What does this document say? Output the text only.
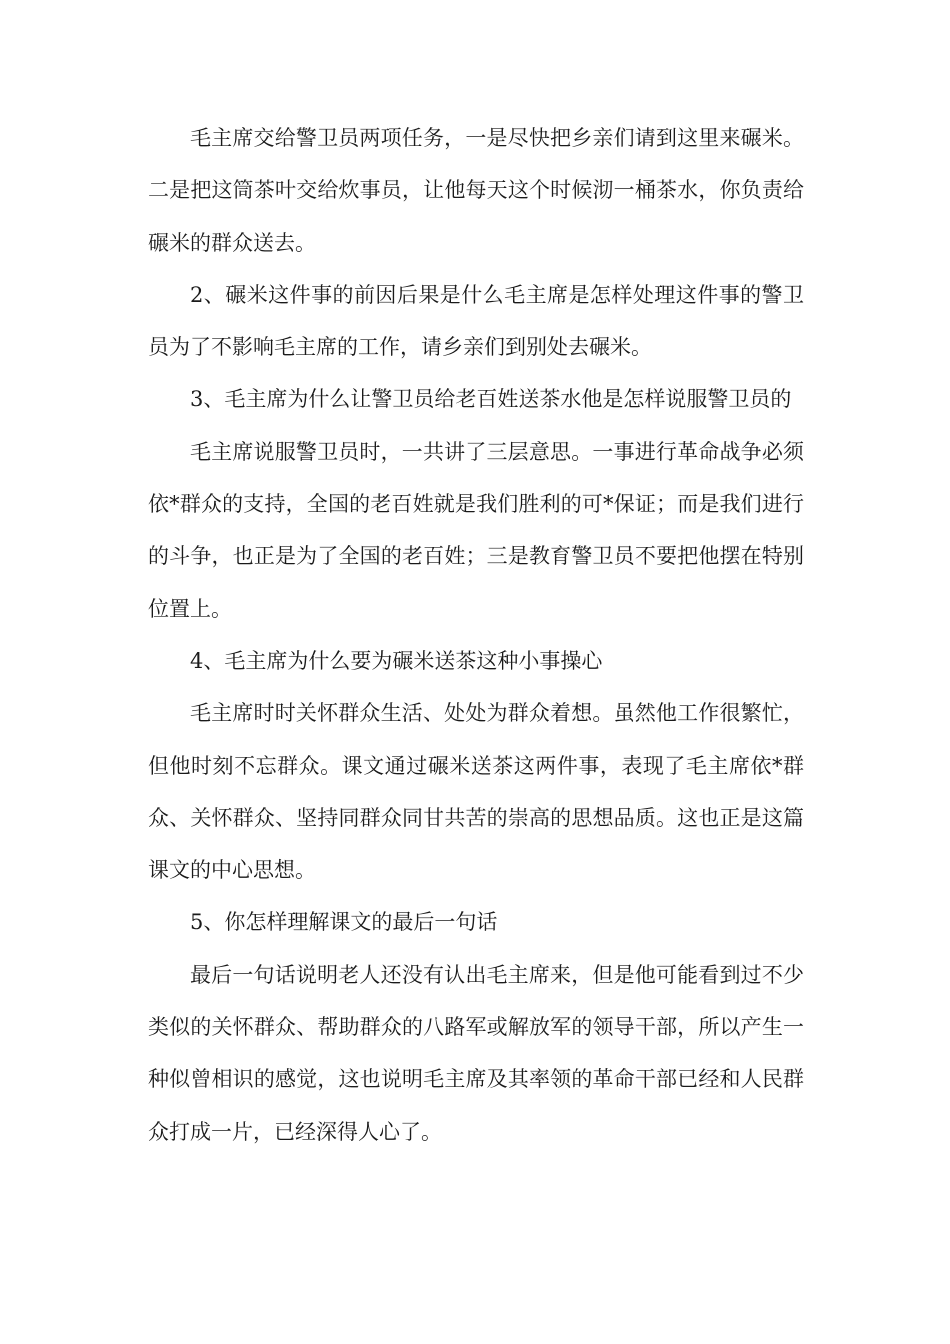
毛主席交给警卫员两项任务，一是尽快把乡亲们请到这里来碾米。二是把这筒茶叶交给炊事员，让他每天这个时候沏一桶茶水，你负责给碾米的群众送去。

2、碾米这件事的前因后果是什么毛主席是怎样处理这件事的警卫员为了不影响毛主席的工作，请乡亲们到别处去碾米。

3、毛主席为什么让警卫员给老百姓送茶水他是怎样说服警卫员的

毛主席说服警卫员时，一共讲了三层意思。一事进行革命战争必须依*群众的支持，全国的老百姓就是我们胜利的可*保证；而是我们进行的斗争，也正是为了全国的老百姓；三是教育警卫员不要把他摆在特别位置上。

4、毛主席为什么要为碾米送茶这种小事操心

毛主席时时关怀群众生活、处处为群众着想。虽然他工作很繁忙，但他时刻不忘群众。课文通过碾米送茶这两件事，表现了毛主席依*群众、关怀群众、坚持同群众同甘共苦的崇高的思想品质。这也正是这篇课文的中心思想。

5、你怎样理解课文的最后一句话

最后一句话说明老人还没有认出毛主席来，但是他可能看到过不少类似的关怀群众、帮助群众的八路军或解放军的领导干部，所以产生一种似曾相识的感觉，这也说明毛主席及其率领的革命干部已经和人民群众打成一片，已经深得人心了。
